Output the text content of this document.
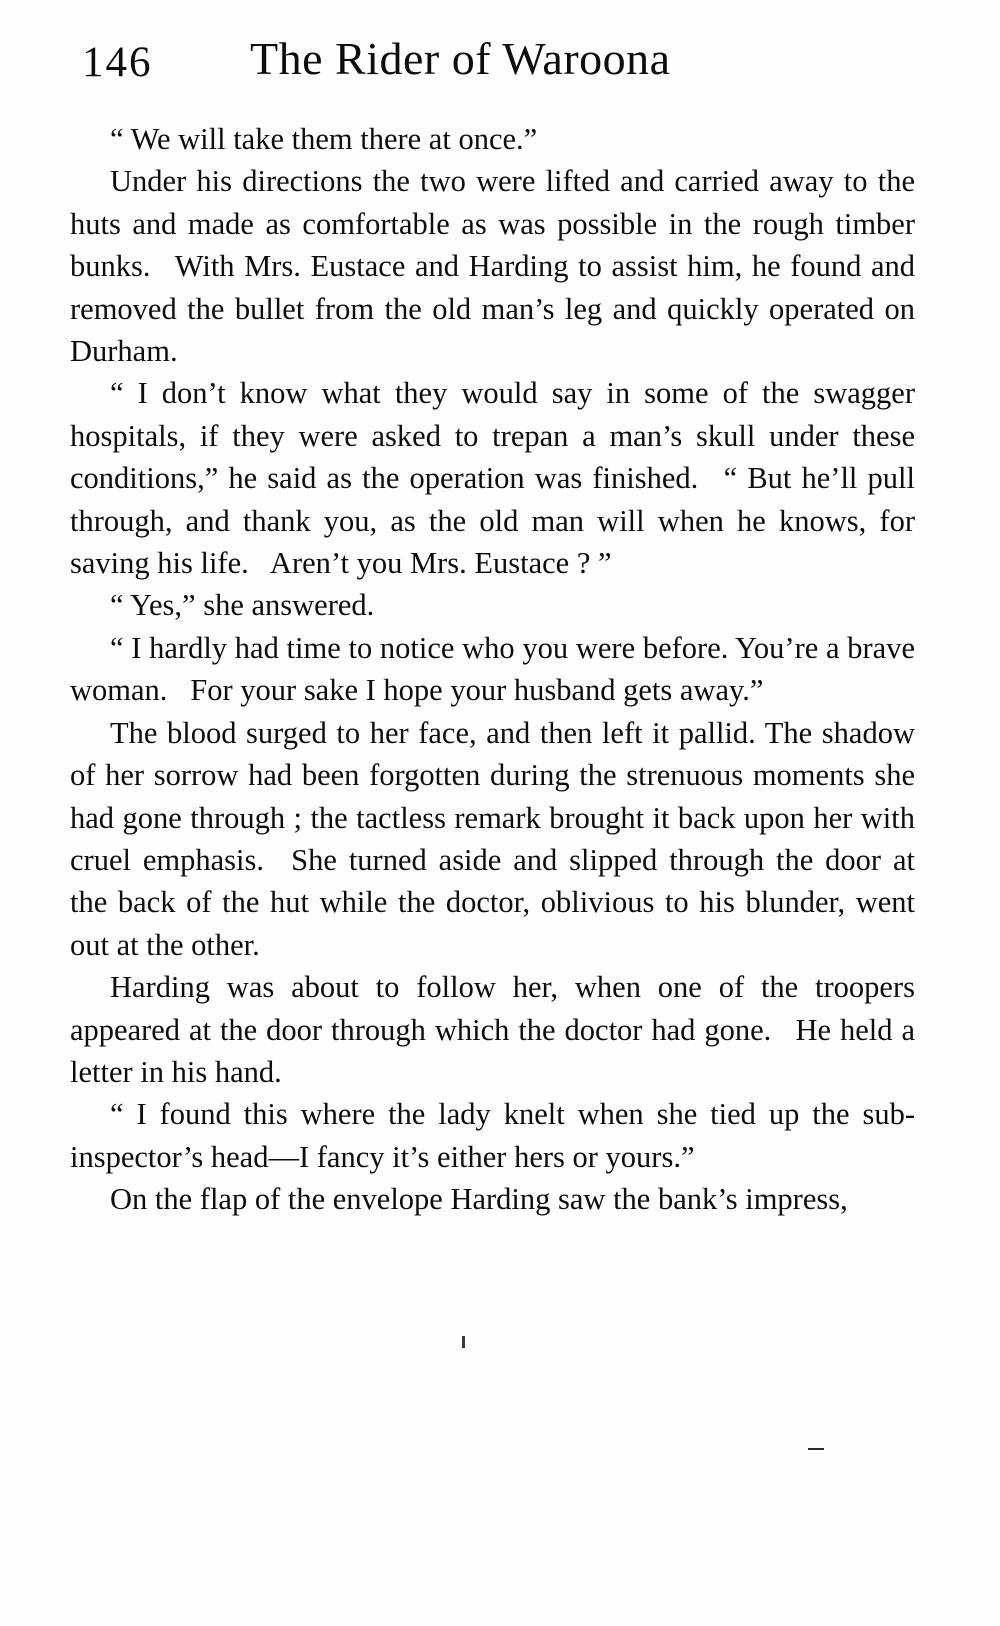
146 The Rider of Waroona

“ We will take them there at once.”

Under his directions the two were lifted and carried away to the huts and made as comfortable as was possible in the rough timber bunks.  With Mrs. Eustace and Harding to assist him, he found and removed the bullet from the old man’s leg and quickly operated on Durham.

“ I don’t know what they would say in some of the swagger hospitals, if they were asked to trepan a man’s skull under these conditions,” he said as the operation was finished.  “ But he’ll pull through, and thank you, as the old man will when he knows, for saving his life.  Aren’t you Mrs. Eustace ? ”

“ Yes,” she answered.

“ I hardly had time to notice who you were before. You’re a brave woman.  For your sake I hope your husband gets away.”

The blood surged to her face, and then left it pallid. The shadow of her sorrow had been forgotten during the strenuous moments she had gone through ; the tactless remark brought it back upon her with cruel emphasis.  She turned aside and slipped through the door at the back of the hut while the doctor, oblivious to his blunder, went out at the other.

Harding was about to follow her, when one of the troopers appeared at the door through which the doctor had gone.  He held a letter in his hand.

“ I found this where the lady knelt when she tied up the sub-inspector’s head—I fancy it’s either hers or yours.”

On the flap of the envelope Harding saw the bank’s impress,
